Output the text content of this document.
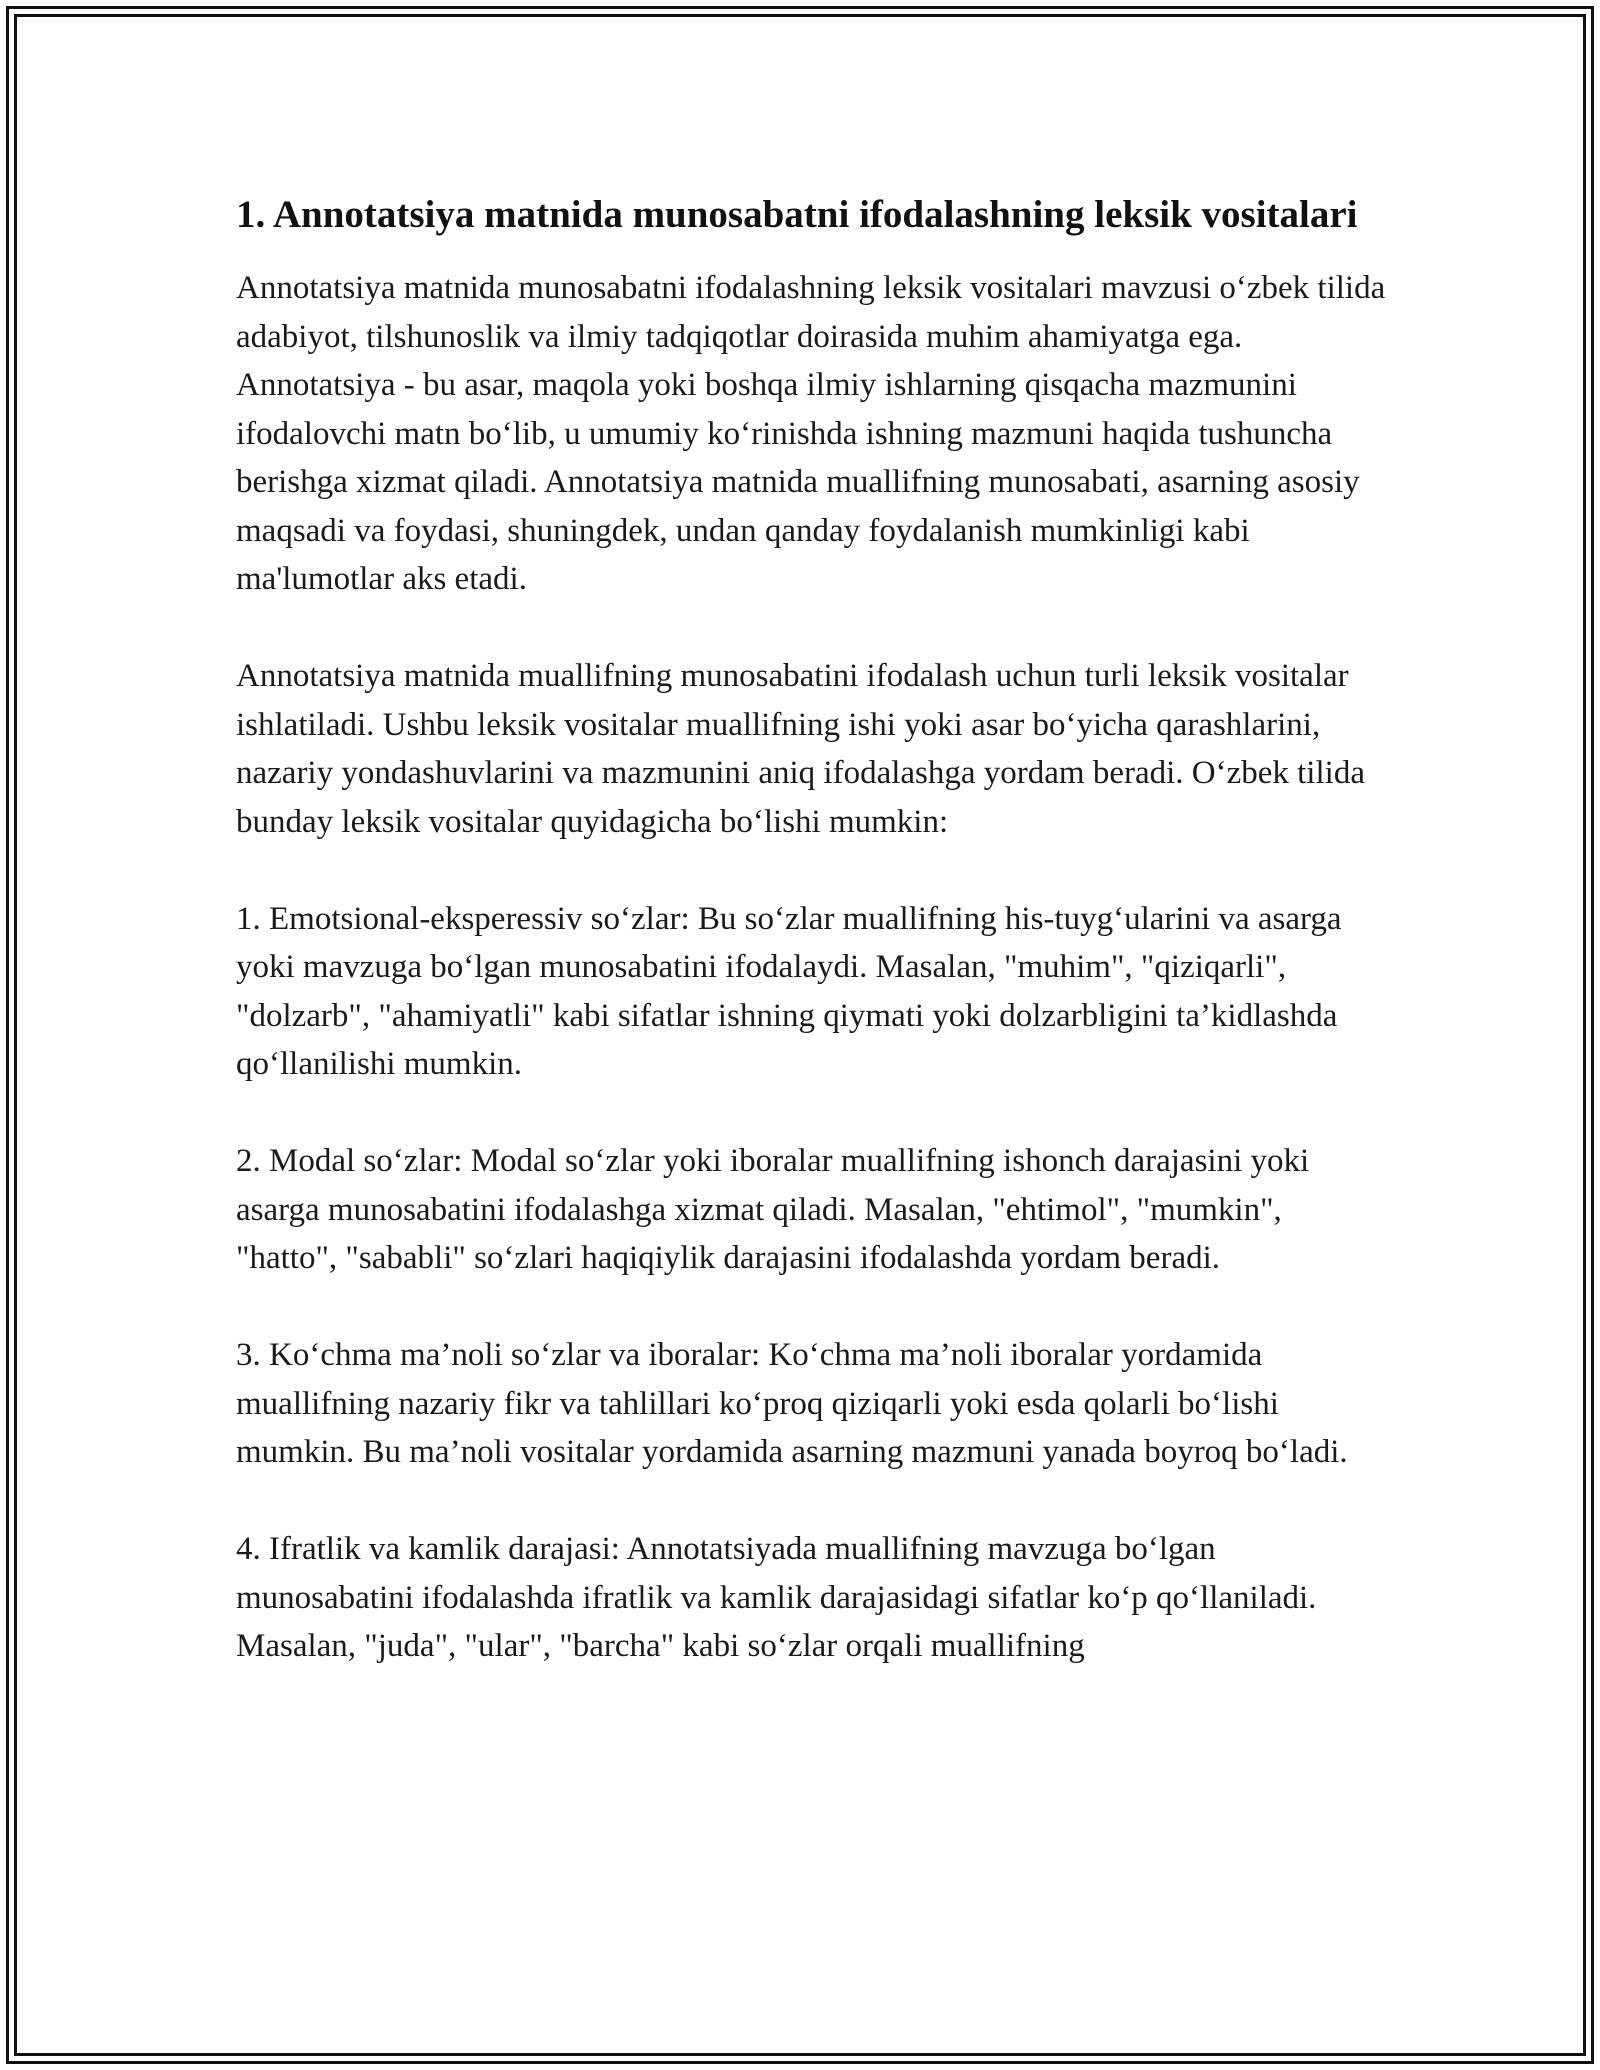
1. Annotatsiya matnida munosabatni ifodalashning leksik vositalari

Annotatsiya matnida munosabatni ifodalashning leksik vositalari mavzusi o‘zbek tilida adabiyot, tilshunoslik va ilmiy tadqiqotlar doirasida muhim ahamiyatga ega. Annotatsiya - bu asar, maqola yoki boshqa ilmiy ishlarning qisqacha mazmunini ifodalovchi matn bo‘lib, u umumiy ko‘rinishda ishning mazmuni haqida tushuncha berishga xizmat qiladi. Annotatsiya matnida muallifning munosabati, asarning asosiy maqsadi va foydasi, shuningdek, undan qanday foydalanish mumkinligi kabi ma'lumotlar aks etadi.

Annotatsiya matnida muallifning munosabatini ifodalash uchun turli leksik vositalar ishlatiladi. Ushbu leksik vositalar muallifning ishi yoki asar bo‘yicha qarashlarini, nazariy yondashuvlarini va mazmunini aniq ifodalashga yordam beradi. O‘zbek tilida bunday leksik vositalar quyidagicha bo‘lishi mumkin:

1. Emotsional-eksperessiv so‘zlar: Bu so‘zlar muallifning his-tuyg‘ularini va asarga yoki mavzuga bo‘lgan munosabatini ifodalaydi. Masalan, "muhim", "qiziqarli", "dolzarb", "ahamiyatli" kabi sifatlar ishning qiymati yoki dolzarbligini ta’kidlashda qo‘llanilishi mumkin.

2. Modal so‘zlar: Modal so‘zlar yoki iboralar muallifning ishonch darajasini yoki asarga munosabatini ifodalashga xizmat qiladi. Masalan, "ehtimol", "mumkin", "hatto", "sababli" so‘zlari haqiqiylik darajasini ifodalashda yordam beradi.

3. Ko‘chma ma’noli so‘zlar va iboralar: Ko‘chma ma’noli iboralar yordamida muallifning nazariy fikr va tahlillari ko‘proq qiziqarli yoki esda qolarli bo‘lishi mumkin. Bu ma’noli vositalar yordamida asarning mazmuni yanada boyroq bo‘ladi.

4. Ifratlik va kamlik darajasi: Annotatsiyada muallifning mavzuga bo‘lgan munosabatini ifodalashda ifratlik va kamlik darajasidagi sifatlar ko‘p qo‘llaniladi. Masalan, "juda", "ular", "barcha" kabi so‘zlar orqali muallifning
